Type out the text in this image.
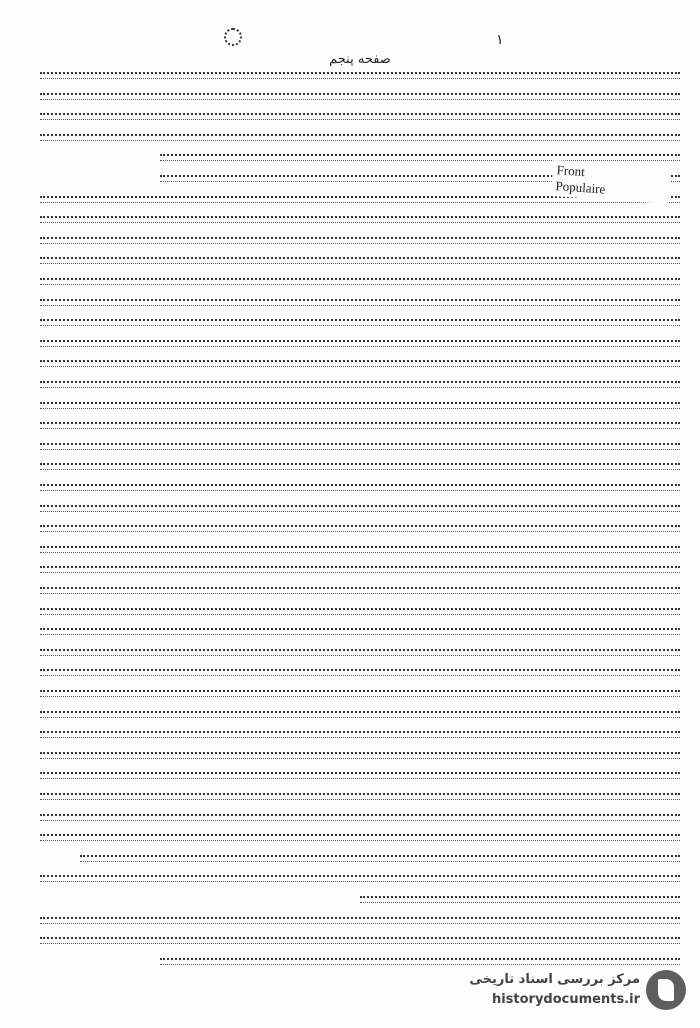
۱
صفحه پنجم
Front
Populaire
مرکز بررسی اسناد تاریخی
historydocuments.ir
